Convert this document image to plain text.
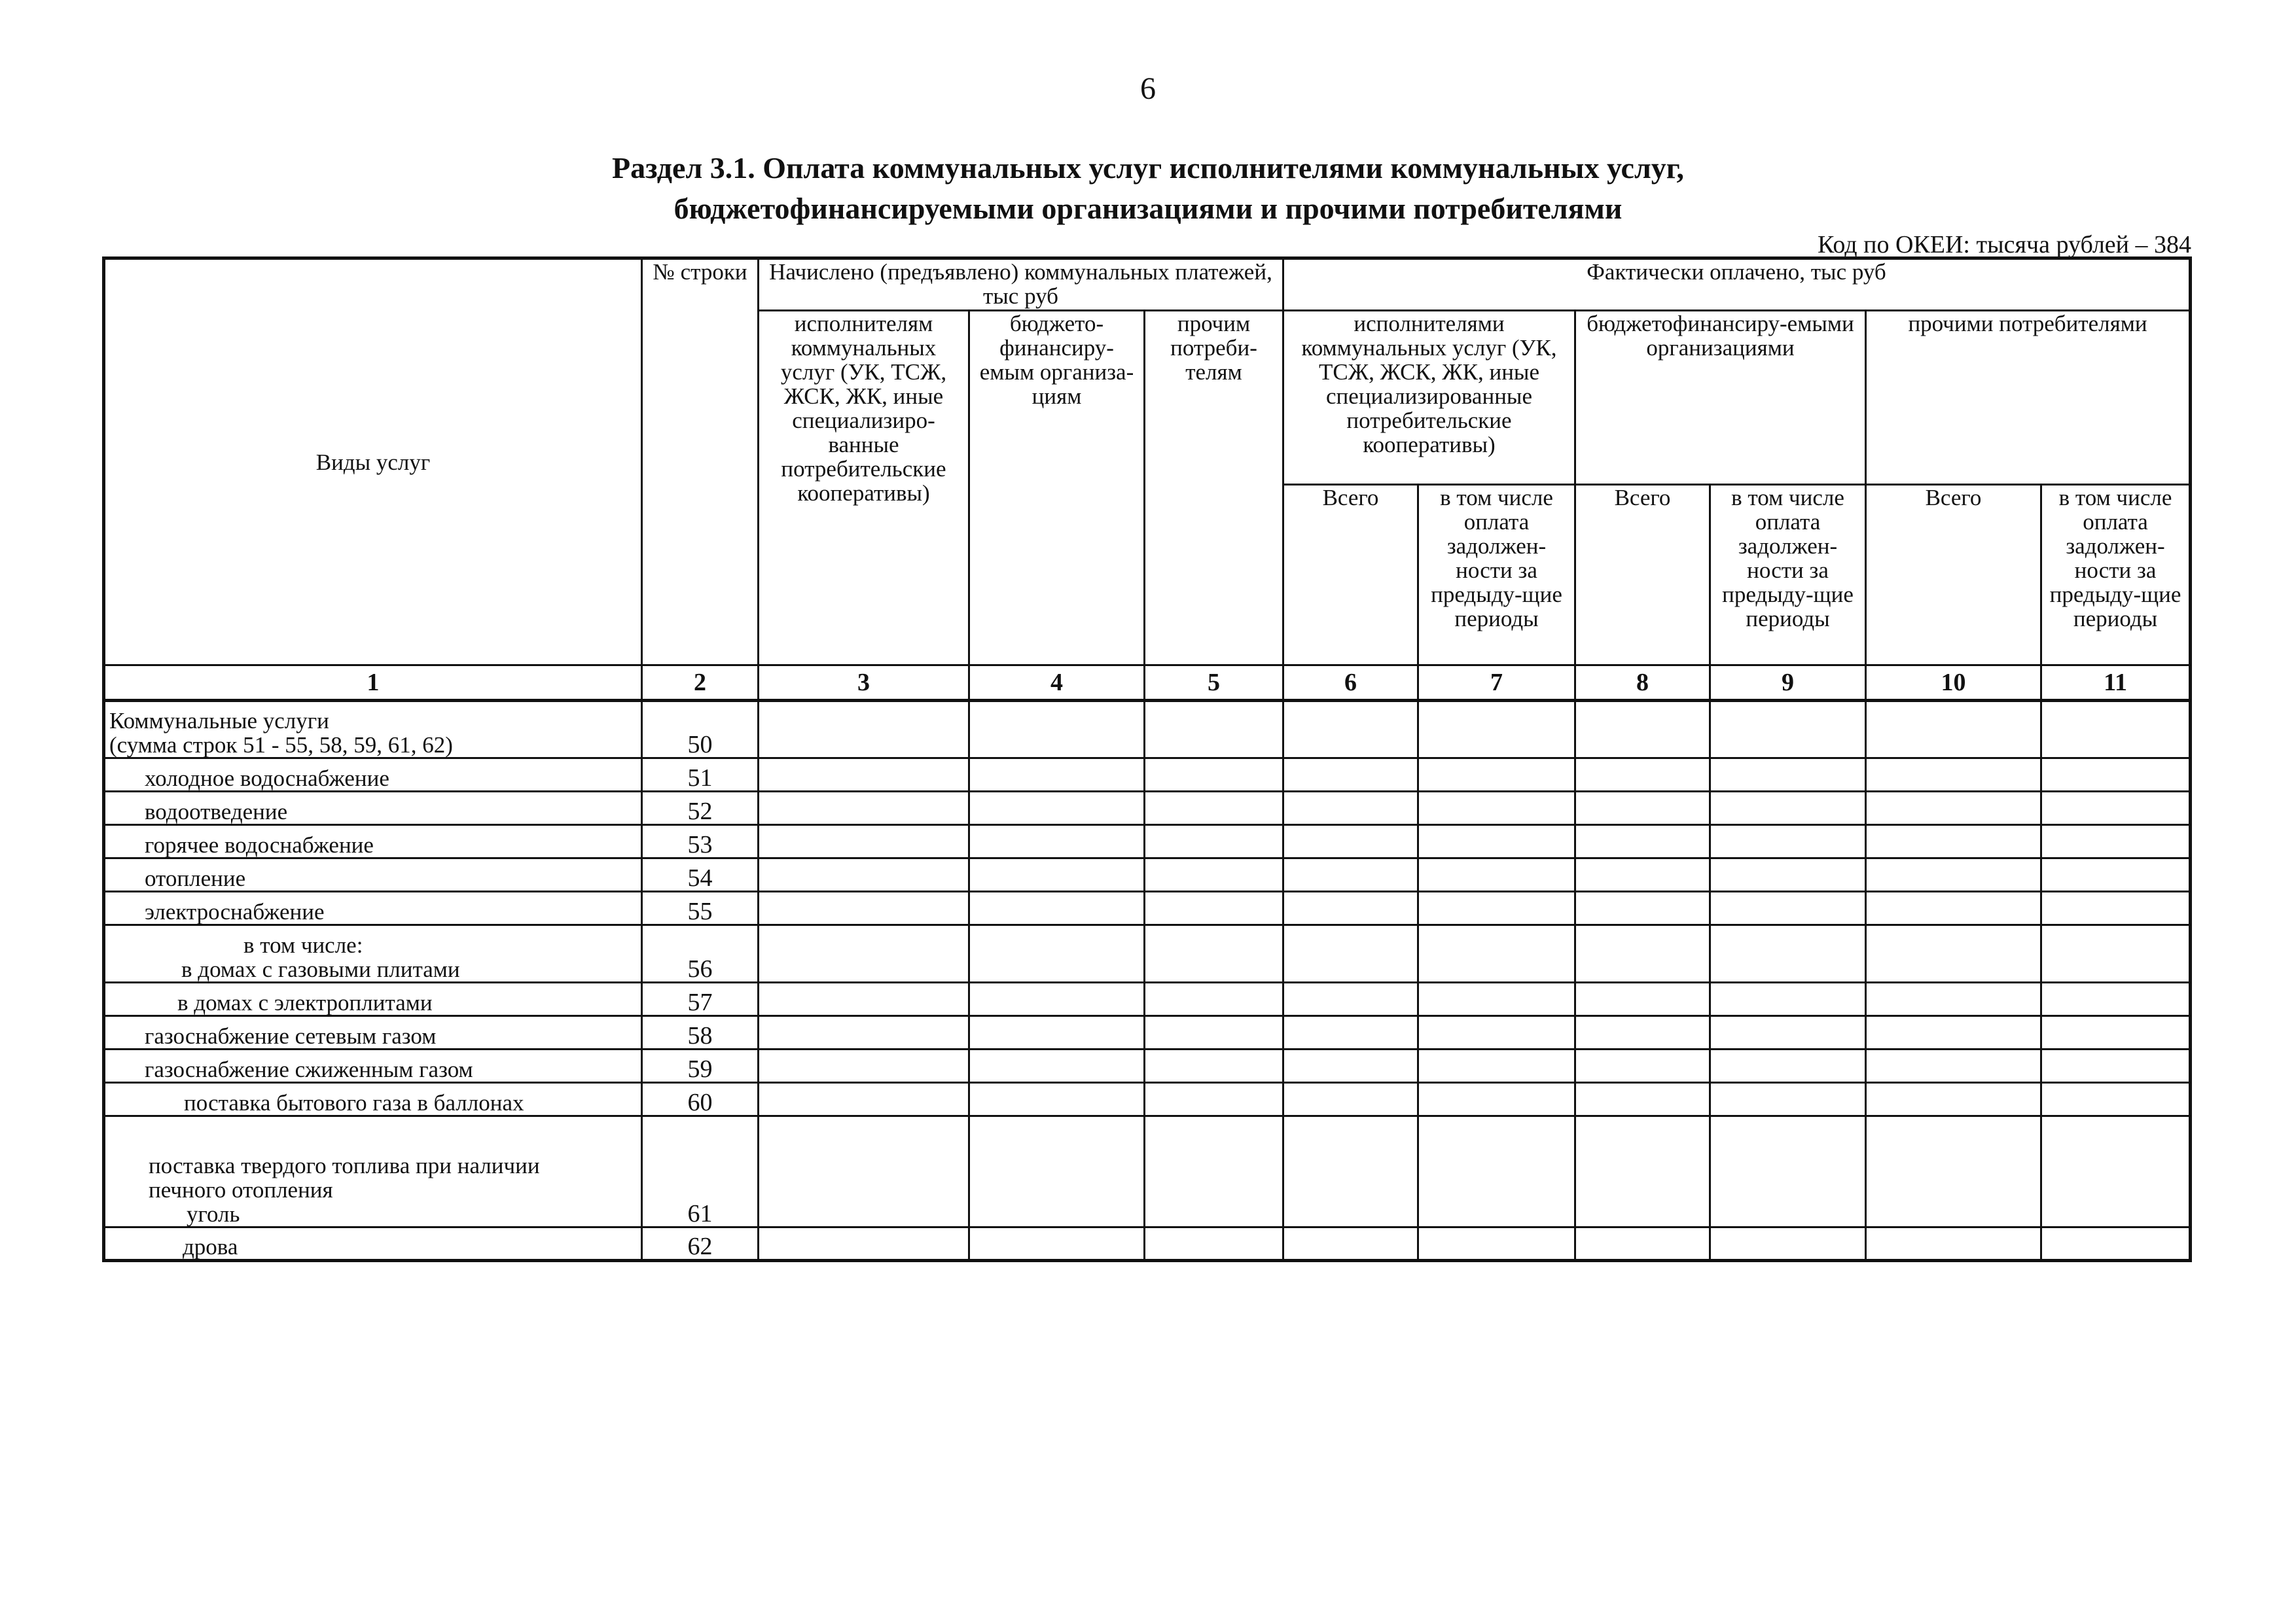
6
Раздел 3.1. Оплата коммунальных услуг исполнителями коммунальных услуг,
бюджетофинансируемыми организациями и прочими потребителями
Код по ОКЕИ: тысяча рублей – 384
Виды услуг	№ строки	Начислено (предъявлено) коммунальных платежей, тыс руб			Фактически оплачено, тыс руб					
		исполнителям коммунальных услуг (УК, ТСЖ, ЖСК, ЖК, иные специализиро-ванные потребительские кооперативы)	бюджето-финансиру-емым организа-циям	прочим потреби-телям	исполнителями коммунальных услуг (УК, ТСЖ, ЖСК, ЖК, иные специализированные потребительские кооперативы)		бюджетофинансиру-емыми организациями		прочими потребителями	
					Всего	в том числе оплата задолжен-ности за предыду-щие периоды	Всего	в том числе оплата задолжен-ности за предыду-щие периоды	Всего	в том числе оплата задолжен-ности за предыду-щие периоды
1	2	3	4	5	6	7	8	9	10	11

Коммунальные услуги
(сумма строк 51 - 55, 58, 59, 61, 62)	50									
холодное водоснабжение	51									
водоотведение	52									
горячее водоснабжение	53									
отопление	54									
электроснабжение	55									

в том числе:
в домах с газовыми плитами	56									
в домах с электроплитами	57									
газоснабжение сетевым газом	58									
газоснабжение сжиженным газом	59									
поставка бытового газа в баллонах	60									

поставка твердого топлива при наличии
печного отопления
уголь	61									
дрова	62									
